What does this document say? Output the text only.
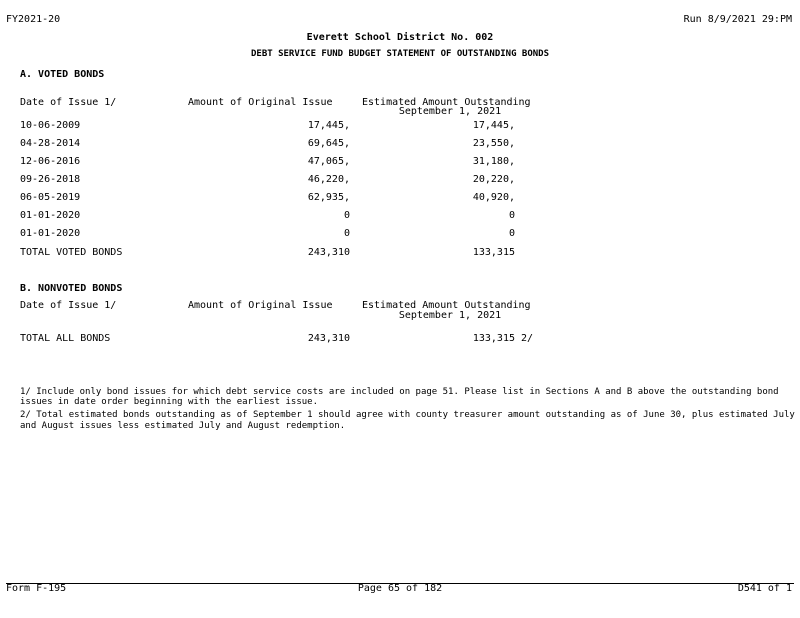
FY2021-20	Run 8/9/2021 29:PM
Everett School District No. 002
DEBT SERVICE FUND BUDGET STATEMENT OF OUTSTANDING BONDS
A. VOTED BONDS
Date of Issue 1/	Amount of Original Issue	Estimated Amount Outstanding
September 1, 2021
10-06-2009	17,445,	17,445,
04-28-2014	69,645,	23,550,
12-06-2016	47,065,	31,180,
09-26-2018	46,220,	20,220,
06-05-2019	62,935,	40,920,
01-01-2020	0	0
01-01-2020	0	0
TOTAL VOTED BONDS	243,310	133,315
B. NONVOTED BONDS
Date of Issue 1/	Amount of Original Issue	Estimated Amount Outstanding
September 1, 2021
TOTAL ALL BONDS	243,310	133,315 2/
1/ Include only bond issues for which debt service costs are included on page 51. Please list in Sections A and B above the outstanding bond
issues in date order beginning with the earliest issue.
2/ Total estimated bonds outstanding as of September 1 should agree with county treasurer amount outstanding as of June 30, plus estimated July
and August issues less estimated July and August redemption.
Form F-195	Page 65 of 182	D541 of 1
